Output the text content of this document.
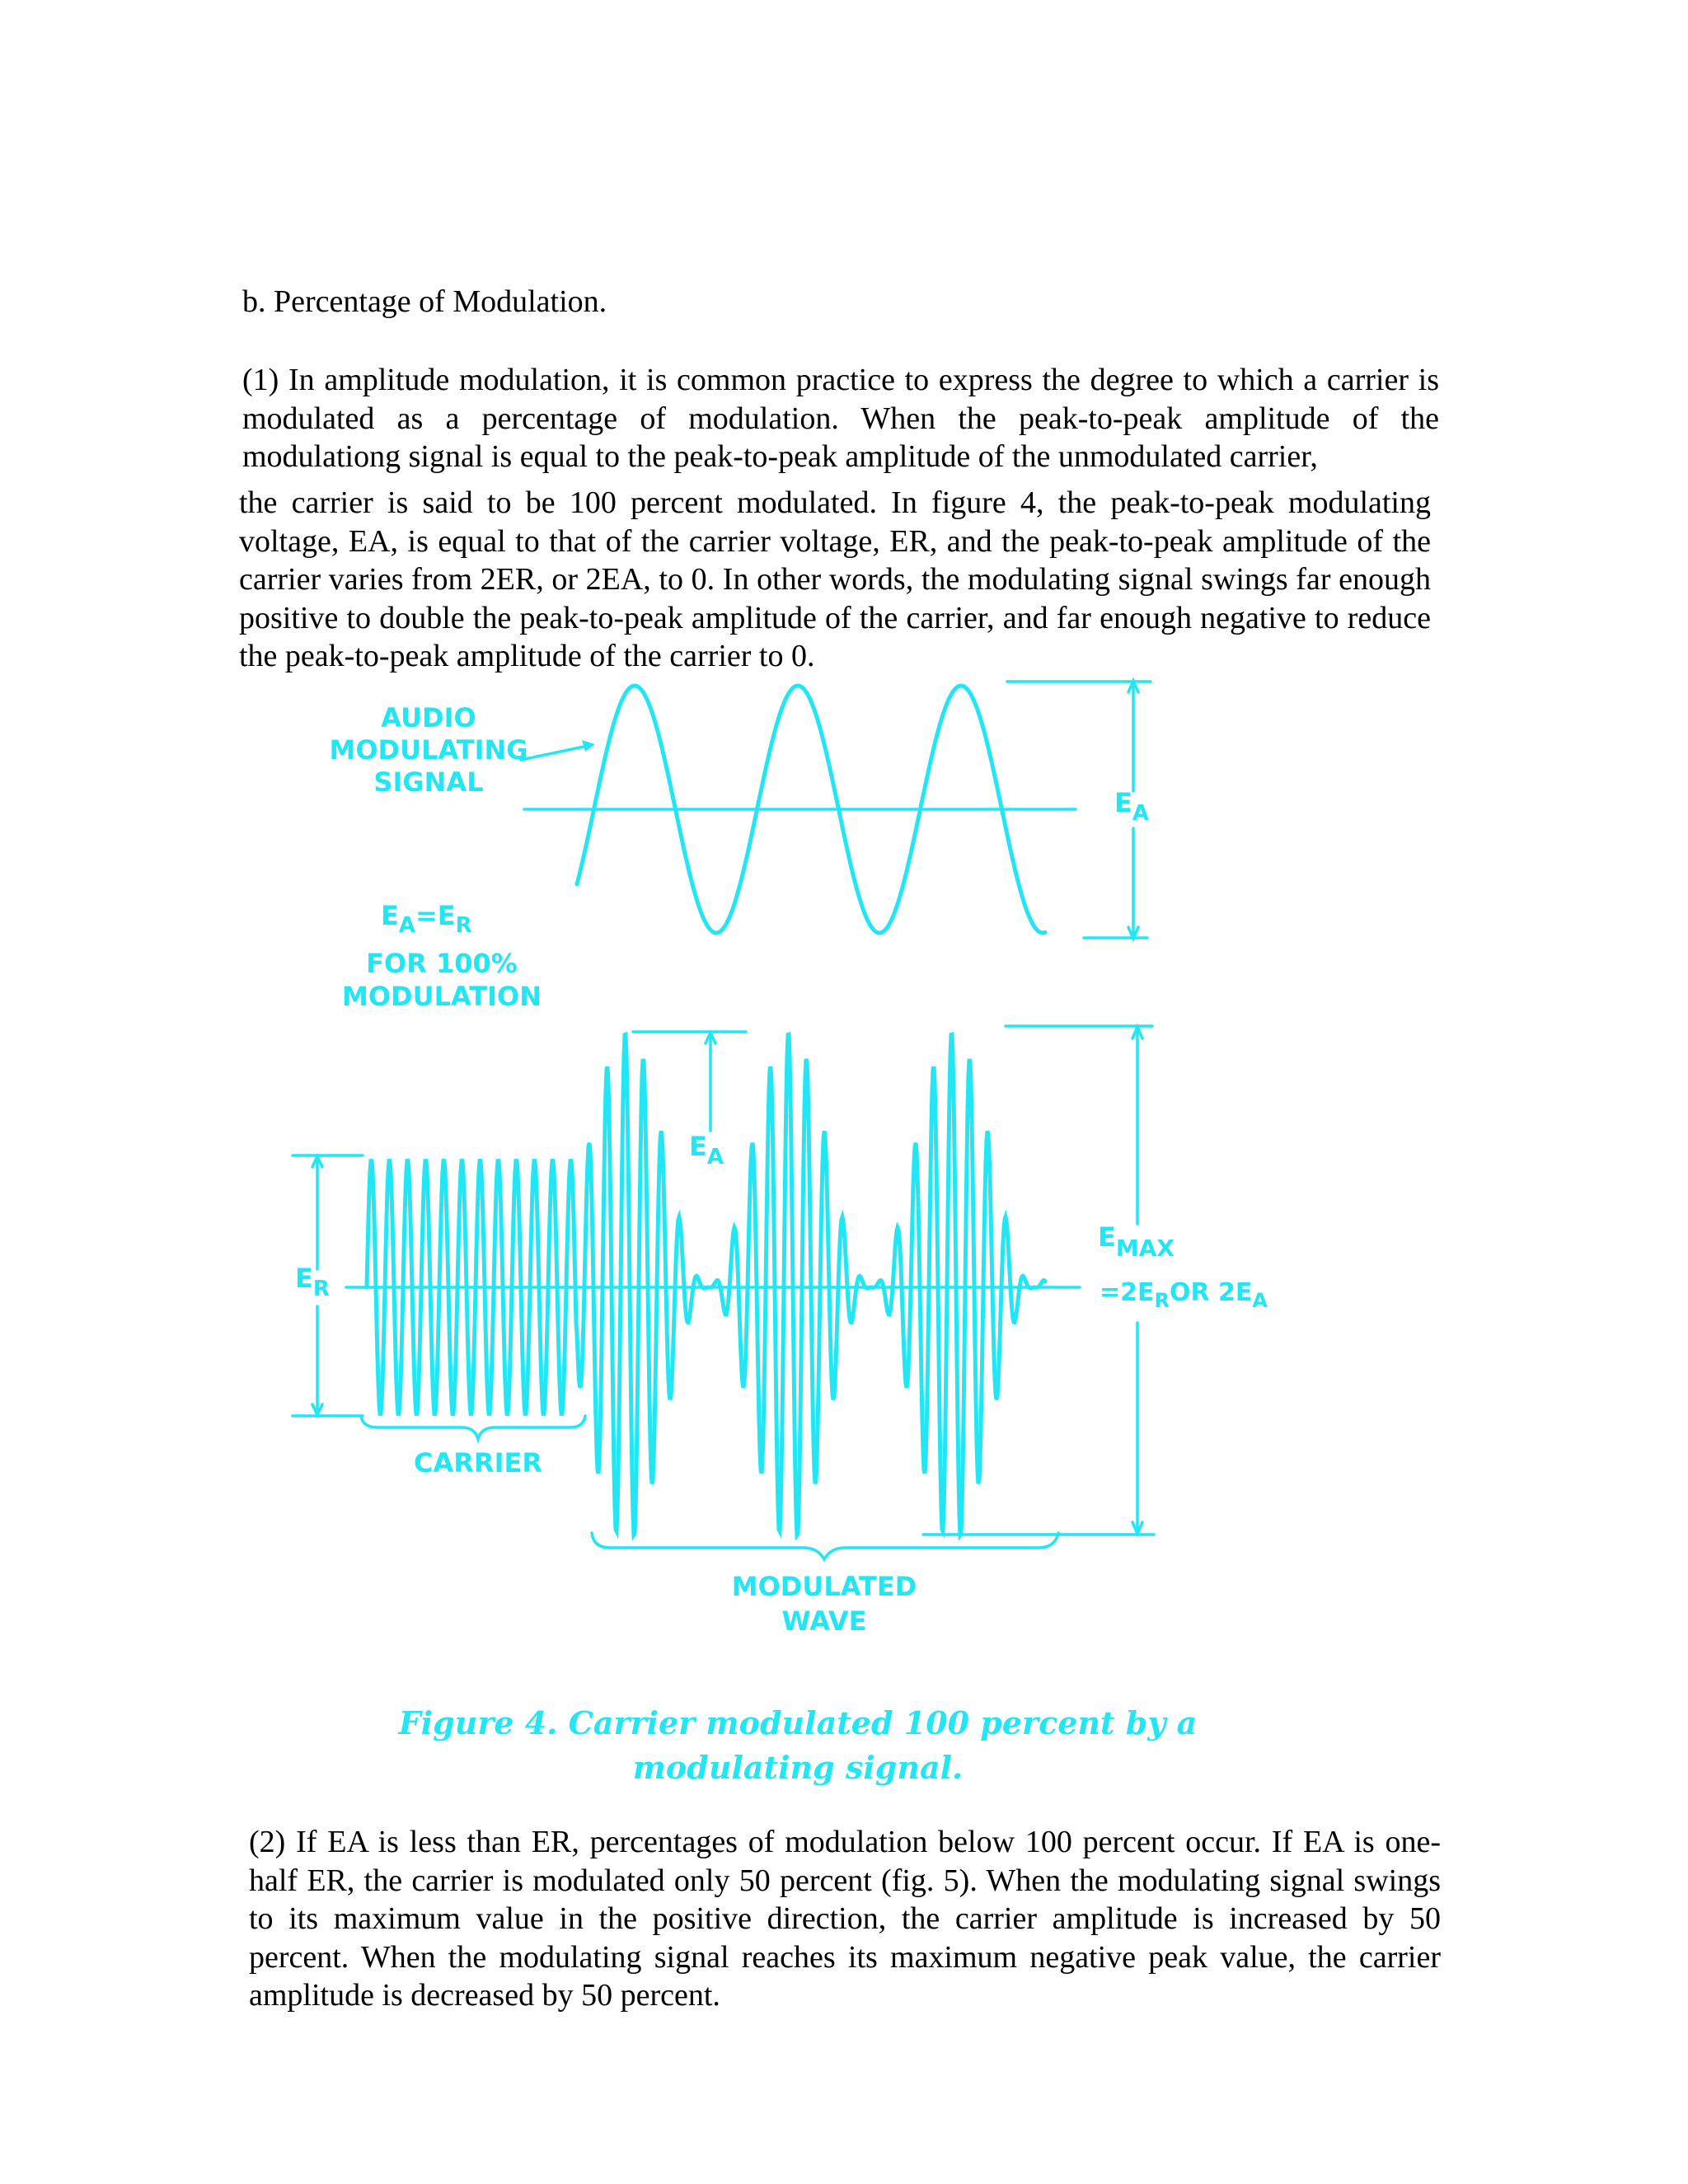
b. Percentage of Modulation.
(1) In amplitude modulation, it is common practice to express the degree to which a carrier is modulated as a percentage of modulation. When the peak-to-peak amplitude of the modulationg signal is equal to the peak-to-peak amplitude of the unmodulated carrier,
the carrier is said to be 100 percent modulated. In figure 4, the peak-to-peak modulating voltage, EA, is equal to that of the carrier voltage, ER, and the peak-to-peak amplitude of the carrier varies from 2ER, or 2EA, to 0. In other words, the modulating signal swings far enough positive to double the peak-to-peak amplitude of the carrier, and far enough negative to reduce the peak-to-peak amplitude of the carrier to 0.
AUDIO
MODULATING
SIGNAL
$E_A$
$E_A=E_R$
FOR 100%
MODULATION
$E_A$
$E_R$
EMAX
$=2E_ROR$ $2E_A$
CARRIER
MODULATED
WAVE
Figure 4. Carrier modulated 100 percent by a
modulating signal.
(2) If EA is less than ER, percentages of modulation below 100 percent occur. If EA is one-half ER, the carrier is modulated only 50 percent (fig. 5). When the modulating signal swings to its maximum value in the positive direction, the carrier amplitude is increased by 50 percent. When the modulating signal reaches its maximum negative peak value, the carrier amplitude is decreased by 50 percent.
